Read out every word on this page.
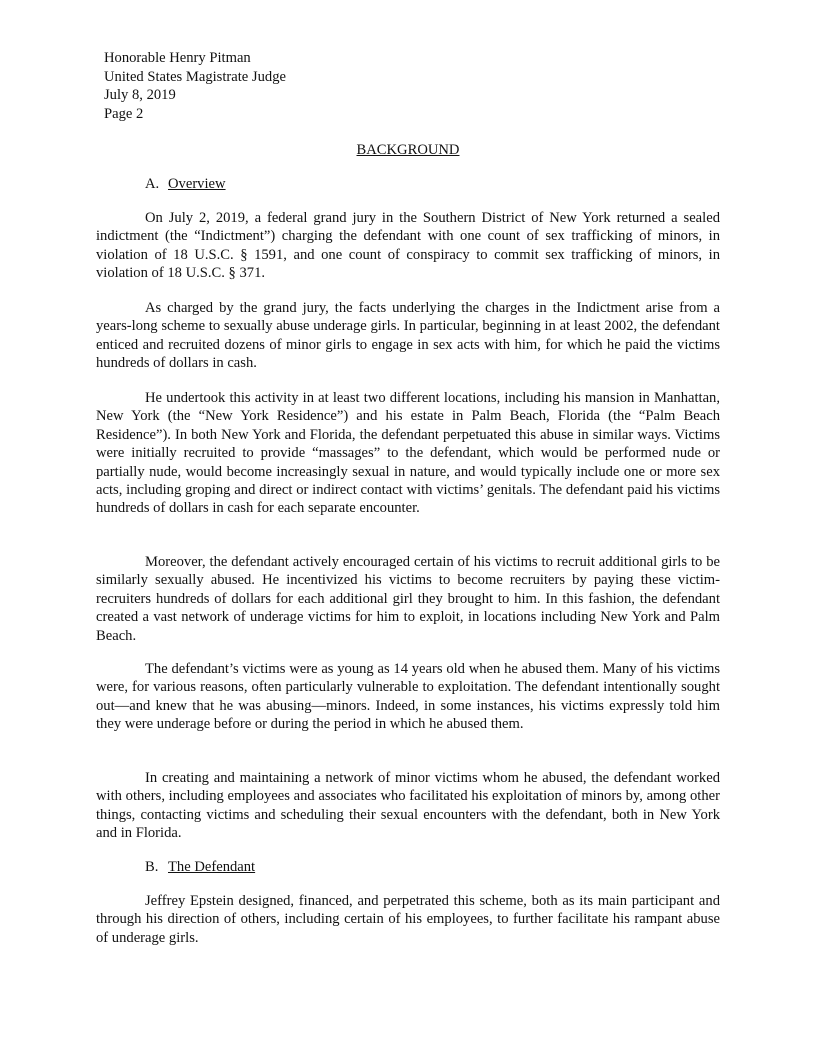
Honorable Henry Pitman
United States Magistrate Judge
July 8, 2019
Page 2
BACKGROUND
A. Overview

On July 2, 2019, a federal grand jury in the Southern District of New York returned a sealed indictment (the “Indictment”) charging the defendant with one count of sex trafficking of minors, in violation of 18 U.S.C. § 1591, and one count of conspiracy to commit sex trafficking of minors, in violation of 18 U.S.C. § 371.

As charged by the grand jury, the facts underlying the charges in the Indictment arise from a years-long scheme to sexually abuse underage girls. In particular, beginning in at least 2002, the defendant enticed and recruited dozens of minor girls to engage in sex acts with him, for which he paid the victims hundreds of dollars in cash.

He undertook this activity in at least two different locations, including his mansion in Manhattan, New York (the “New York Residence”) and his estate in Palm Beach, Florida (the “Palm Beach Residence”). In both New York and Florida, the defendant perpetuated this abuse in similar ways. Victims were initially recruited to provide “massages” to the defendant, which would be performed nude or partially nude, would become increasingly sexual in nature, and would typically include one or more sex acts, including groping and direct or indirect contact with victims’ genitals. The defendant paid his victims hundreds of dollars in cash for each separate encounter.

Moreover, the defendant actively encouraged certain of his victims to recruit additional girls to be similarly sexually abused. He incentivized his victims to become recruiters by paying these victim-recruiters hundreds of dollars for each additional girl they brought to him. In this fashion, the defendant created a vast network of underage victims for him to exploit, in locations including New York and Palm Beach.

The defendant’s victims were as young as 14 years old when he abused them. Many of his victims were, for various reasons, often particularly vulnerable to exploitation. The defendant intentionally sought out—and knew that he was abusing—minors. Indeed, in some instances, his victims expressly told him they were underage before or during the period in which he abused them.

In creating and maintaining a network of minor victims whom he abused, the defendant worked with others, including employees and associates who facilitated his exploitation of minors by, among other things, contacting victims and scheduling their sexual encounters with the defendant, both in New York and in Florida.

B. The Defendant

Jeffrey Epstein designed, financed, and perpetrated this scheme, both as its main participant and through his direction of others, including certain of his employees, to further facilitate his rampant abuse of underage girls.
